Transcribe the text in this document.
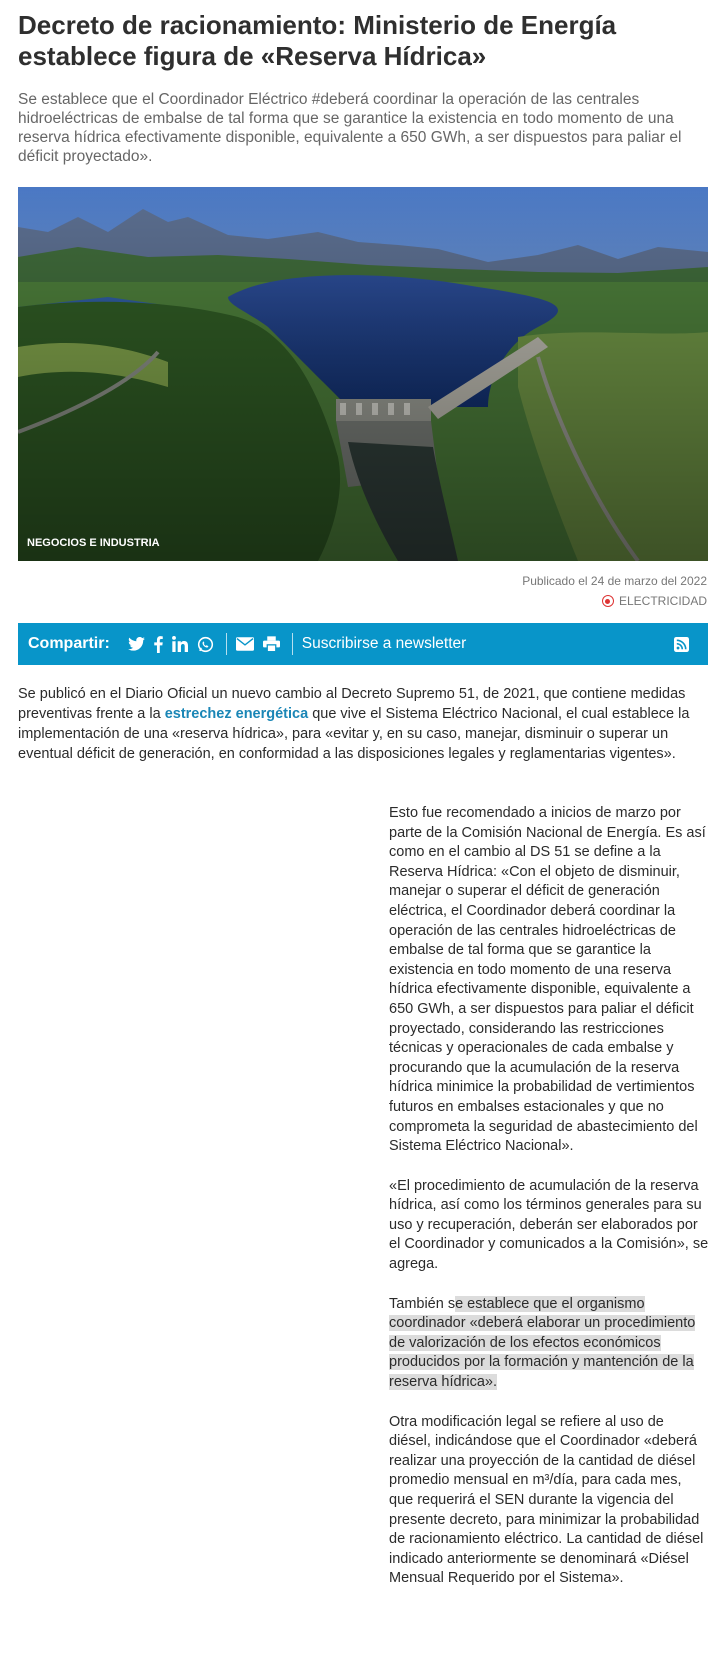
Decreto de racionamiento: Ministerio de Energía establece figura de «Reserva Hídrica»

Se establece que el Coordinador Eléctrico #deberá coordinar la operación de las centrales hidroeléctricas de embalse de tal forma que se garantice la existencia en todo momento de una reserva hídrica efectivamente disponible, equivalente a 650 GWh, a ser dispuestos para paliar el déficit proyectado».

NEGOCIOS E INDUSTRIA
Publicado el 24 de marzo del 2022
ELECTRICIDAD
Compartir:	Suscribirse a newsletter

Se publicó en el Diario Oficial un nuevo cambio al Decreto Supremo 51, de 2021, que contiene medidas preventivas frente a la estrechez energética que vive el Sistema Eléctrico Nacional, el cual establece la implementación de una «reserva hídrica», para «evitar y, en su caso, manejar, disminuir o superar un eventual déficit de generación, en conformidad a las disposiciones legales y reglamentarias vigentes».

Esto fue recomendado a inicios de marzo por parte de la Comisión Nacional de Energía. Es así como en el cambio al DS 51 se define a la Reserva Hídrica: «Con el objeto de disminuir, manejar o superar el déficit de generación eléctrica, el Coordinador deberá coordinar la operación de las centrales hidroeléctricas de embalse de tal forma que se garantice la existencia en todo momento de una reserva hídrica efectivamente disponible, equivalente a 650 GWh, a ser dispuestos para paliar el déficit proyectado, considerando las restricciones técnicas y operacionales de cada embalse y procurando que la acumulación de la reserva hídrica minimice la probabilidad de vertimientos futuros en embalses estacionales y que no comprometa la seguridad de abastecimiento del Sistema Eléctrico Nacional».

«El procedimiento de acumulación de la reserva hídrica, así como los términos generales para su uso y recuperación, deberán ser elaborados por el Coordinador y comunicados a la Comisión», se agrega.

También se establece que el organismo coordinador «deberá elaborar un procedimiento de valorización de los efectos económicos producidos por la formación y mantención de la reserva hídrica».

Otra modificación legal se refiere al uso de diésel, indicándose que el Coordinador «deberá realizar una proyección de la cantidad de diésel promedio mensual en m³/día, para cada mes, que requerirá el SEN durante la vigencia del presente decreto, para minimizar la probabilidad de racionamiento eléctrico. La cantidad de diésel indicado anteriormente se denominará «Diésel Mensual Requerido por el Sistema».
